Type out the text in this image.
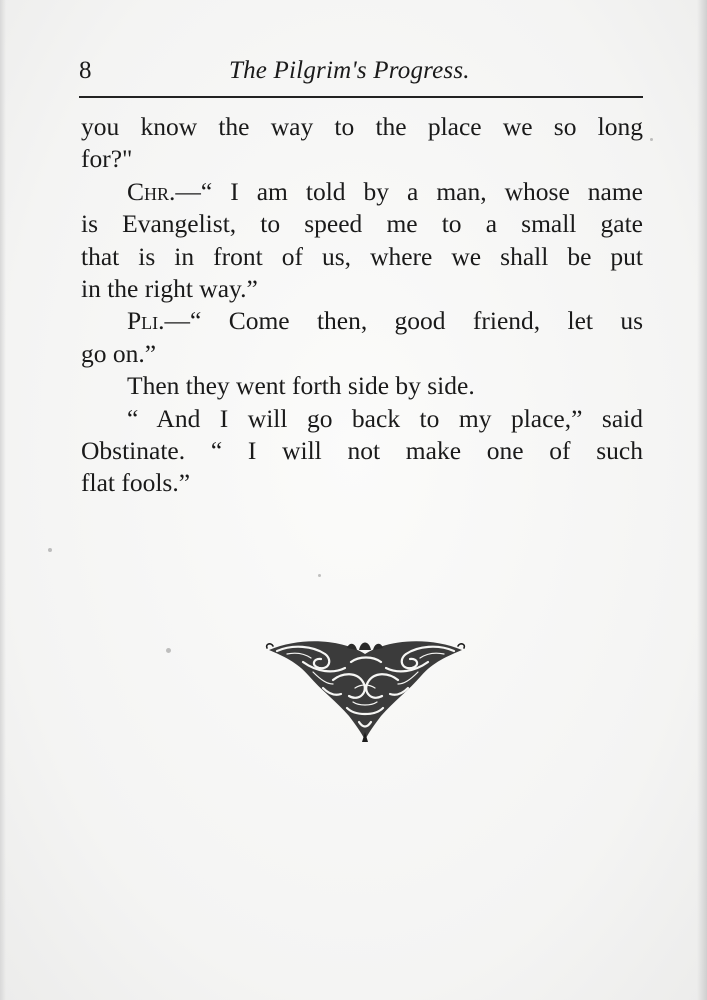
8	The Pilgrim's Progress.
you know the way to the place we so long
for?"
Chr.—“ I am told by a man, whose name
is Evangelist, to speed me to a small gate
that is in front of us, where we shall be put
in the right way.”
Pli.—“ Come then, good friend, let us
go on.”
Then they went forth side by side.
“ And I will go back to my place,” said
Obstinate. “ I will not make one of such
flat fools.”
